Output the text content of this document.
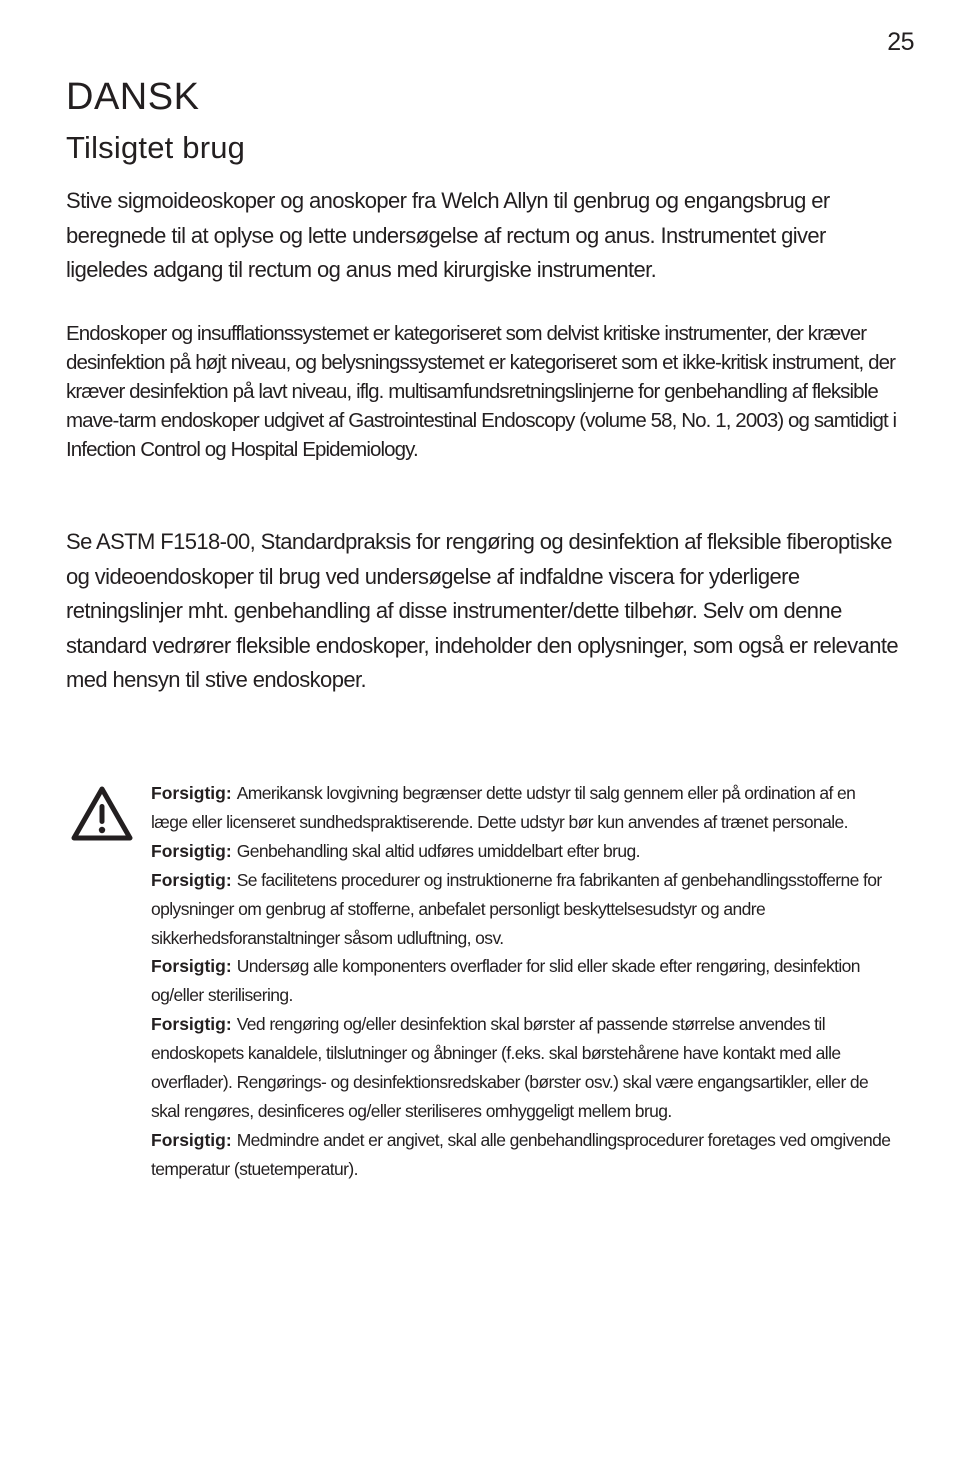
25
DANSK
Tilsigtet brug

Stive sigmoideoskoper og anoskoper fra Welch Allyn til genbrug og engangsbrug er beregnede til at oplyse og lette undersøgelse af rectum og anus. Instrumentet giver ligeledes adgang til rectum og anus med kirurgiske instrumenter.

Endoskoper og insufflationssystemet er kategoriseret som delvist kritiske instrumenter, der kræver desinfektion på højt niveau, og belysningssystemet er kategoriseret som et ikke-kritisk instrument, der kræver desinfektion på lavt niveau, iflg. multisamfundsretningslinjerne for genbehandling af fleksible mave-tarm endoskoper udgivet af Gastrointestinal Endoscopy (volume 58, No. 1, 2003) og samtidigt i Infection Control og Hospital Epidemiology.

Se ASTM F1518-00, Standardpraksis for rengøring og desinfektion af fleksible fiberoptiske og videoendoskoper til brug ved undersøgelse af indfaldne viscera for yderligere retningslinjer mht. genbehandling af disse instrumenter/dette tilbehør. Selv om denne standard vedrører fleksible endoskoper, indeholder den oplysninger, som også er relevante med hensyn til stive endoskoper.

Forsigtig: Amerikansk lovgivning begrænser dette udstyr til salg gennem eller på ordination af en læge eller licenseret sundhedspraktiserende. Dette udstyr bør kun anvendes af trænet personale.
Forsigtig: Genbehandling skal altid udføres umiddelbart efter brug.
Forsigtig: Se facilitetens procedurer og instruktionerne fra fabrikanten af genbehandlingsstofferne for oplysninger om genbrug af stofferne, anbefalet personligt beskyttelsesudstyr og andre sikkerhedsforanstaltninger såsom udluftning, osv.
Forsigtig: Undersøg alle komponenters overflader for slid eller skade efter rengøring, desinfektion og/eller sterilisering.
Forsigtig: Ved rengøring og/eller desinfektion skal børster af passende størrelse anvendes til endoskopets kanaldele, tilslutninger og åbninger (f.eks. skal børstehårene have kontakt med alle overflader). Rengørings- og desinfektionsredskaber (børster osv.) skal være engangsartikler, eller de skal rengøres, desinficeres og/eller steriliseres omhyggeligt mellem brug.
Forsigtig: Medmindre andet er angivet, skal alle genbehandlingsprocedurer foretages ved omgivende temperatur (stuetemperatur).
